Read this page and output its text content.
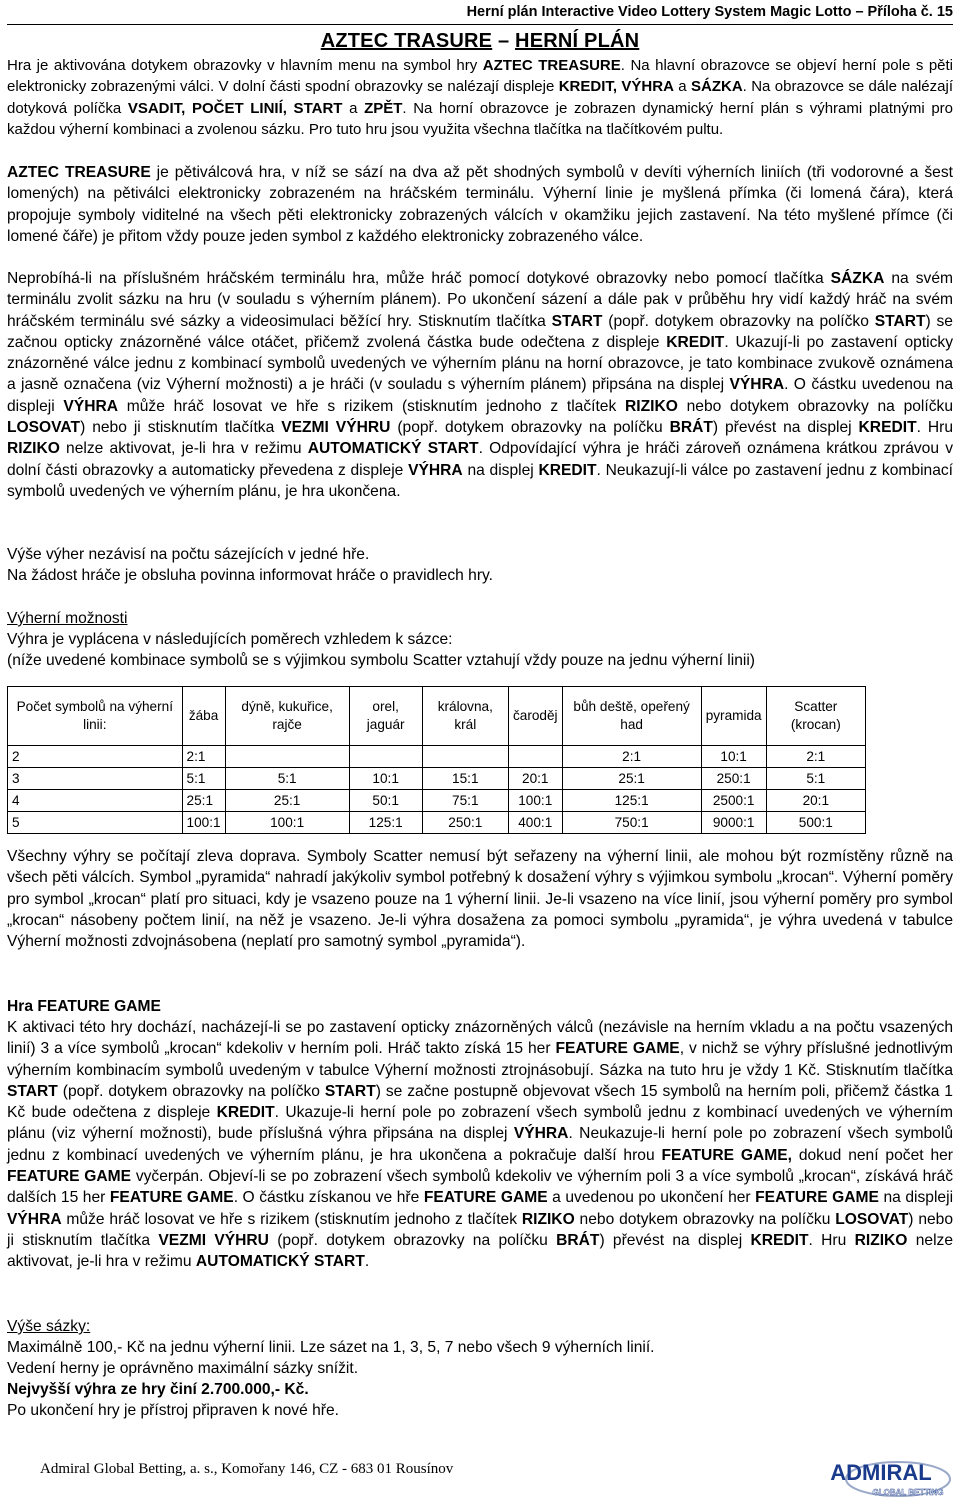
Herní plán Interactive Video Lottery System Magic Lotto – Příloha č. 15
AZTEC TRASURE – HERNÍ PLÁN
Hra je aktivována dotykem obrazovky v hlavním menu na symbol hry AZTEC TREASURE. Na hlavní obrazovce se objeví herní pole s pěti elektronicky zobrazenými válci. V dolní části spodní obrazovky se nalézají displeje KREDIT, VÝHRA a SÁZKA. Na obrazovce se dále nalézají dotyková políčka VSADIT, POČET LINIÍ, START a ZPĚT. Na horní obrazovce je zobrazen dynamický herní plán s výhrami platnými pro každou výherní kombinaci a zvolenou sázku. Pro tuto hru jsou využita všechna tlačítka na tlačítkovém pultu.
AZTEC TREASURE je pětiválcová hra, v níž se sází na dva až pět shodných symbolů v devíti výherních liniích (tři vodorovné a šest lomených) na pětiválci elektronicky zobrazeném na hráčském terminálu. Výherní linie je myšlená přímka (či lomená čára), která propojuje symboly viditelné na všech pěti elektronicky zobrazených válcích v okamžiku jejich zastavení. Na této myšlené přímce (či lomené čáře) je přitom vždy pouze jeden symbol z každého elektronicky zobrazeného válce.
Neprobíhá-li na příslušném hráčském terminálu hra, může hráč pomocí dotykové obrazovky nebo pomocí tlačítka SÁZKA na svém terminálu zvolit sázku na hru (v souladu s výherním plánem). Po ukončení sázení a dále pak v průběhu hry vidí každý hráč na svém hráčském terminálu své sázky a videosimulaci běžící hry. Stisknutím tlačítka START (popř. dotykem obrazovky na políčko START) se začnou opticky znázorněné válce otáčet, přičemž zvolená částka bude odečtena z displeje KREDIT. Ukazují-li po zastavení opticky znázorněné válce jednu z kombinací symbolů uvedených ve výherním plánu na horní obrazovce, je tato kombinace zvukově oznámena a jasně označena (viz Výherní možnosti) a je hráči (v souladu s výherním plánem) připsána na displej VÝHRA. O částku uvedenou na displeji VÝHRA může hráč losovat ve hře s rizikem (stisknutím jednoho z tlačítek RIZIKO nebo dotykem obrazovky na políčku LOSOVAT) nebo ji stisknutím tlačítka VEZMI VÝHRU (popř. dotykem obrazovky na políčku BRÁT) převést na displej KREDIT. Hru RIZIKO nelze aktivovat, je-li hra v režimu AUTOMATICKÝ START. Odpovídající výhra je hráči zároveň oznámena krátkou zprávou v dolní části obrazovky a automaticky převedena z displeje VÝHRA na displej KREDIT. Neukazují-li válce po zastavení jednu z kombinací symbolů uvedených ve výherním plánu, je hra ukončena.
Výše výher nezávisí na počtu sázejících v jedné hře.
Na žádost hráče je obsluha povinna informovat hráče o pravidlech hry.
Výherní možnosti
Výhra je vyplácena v následujících poměrech vzhledem k sázce:
(níže uvedené kombinace symbolů se s výjimkou symbolu Scatter vztahují vždy pouze na jednu výherní linii)
Počet symbolů na výherní linii:	žába	dýně, kukuřice, rajče	orel, jaguár	královna, král	čaroděj	bůh deště, opeřený had	pyramida	Scatter (krocan)
2	2:1					2:1	10:1	2:1
3	5:1	5:1	10:1	15:1	20:1	25:1	250:1	5:1
4	25:1	25:1	50:1	75:1	100:1	125:1	2500:1	20:1
5	100:1	100:1	125:1	250:1	400:1	750:1	9000:1	500:1
Všechny výhry se počítají zleva doprava. Symboly Scatter nemusí být seřazeny na výherní linii, ale mohou být rozmístěny různě na všech pěti válcích. Symbol „pyramida“ nahradí jakýkoliv symbol potřebný k dosažení výhry s výjimkou symbolu „krocan“. Výherní poměry pro symbol „krocan“ platí pro situaci, kdy je vsazeno pouze na 1 výherní linii. Je-li vsazeno na více linií, jsou výherní poměry pro symbol „krocan“ násobeny počtem linií, na něž je vsazeno. Je-li výhra dosažena za pomoci symbolu „pyramida“, je výhra uvedená v tabulce Výherní možnosti zdvojnásobena (neplatí pro samotný symbol „pyramida“).
Hra FEATURE GAME
K aktivaci této hry dochází, nacházejí-li se po zastavení opticky znázorněných válců (nezávisle na herním vkladu a na počtu vsazených linií) 3 a více symbolů „krocan“ kdekoliv v herním poli. Hráč takto získá 15 her FEATURE GAME, v nichž se výhry příslušné jednotlivým výherním kombinacím symbolů uvedeným v tabulce Výherní možnosti ztrojnásobují. Sázka na tuto hru je vždy 1 Kč. Stisknutím tlačítka START (popř. dotykem obrazovky na políčko START) se začne postupně objevovat všech 15 symbolů na herním poli, přičemž částka 1 Kč bude odečtena z displeje KREDIT. Ukazuje-li herní pole po zobrazení všech symbolů jednu z kombinací uvedených ve výherním plánu (viz výherní možnosti), bude příslušná výhra připsána na displej VÝHRA. Neukazuje-li herní pole po zobrazení všech symbolů jednu z kombinací uvedených ve výherním plánu, je hra ukončena a pokračuje další hrou FEATURE GAME, dokud není počet her FEATURE GAME vyčerpán. Objeví-li se po zobrazení všech symbolů kdekoliv ve výherním poli 3 a více symbolů „krocan“, získává hráč dalších 15 her FEATURE GAME. O částku získanou ve hře FEATURE GAME a uvedenou po ukončení her FEATURE GAME na displeji VÝHRA může hráč losovat ve hře s rizikem (stisknutím jednoho z tlačítek RIZIKO nebo dotykem obrazovky na políčku LOSOVAT) nebo ji stisknutím tlačítka VEZMI VÝHRU (popř. dotykem obrazovky na políčku BRÁT) převést na displej KREDIT. Hru RIZIKO nelze aktivovat, je-li hra v režimu AUTOMATICKÝ START.
Výše sázky:
Maximálně 100,- Kč na jednu výherní linii. Lze sázet na 1, 3, 5, 7 nebo všech 9 výherních linií.
Vedení herny je oprávněno maximální sázky snížit.
Nejvyšší výhra ze hry činí 2.700.000,- Kč.
Po ukončení hry je přístroj připraven k nové hře.
Admiral Global Betting, a. s., Komořany 146, CZ - 683 01 Rousínov	ADMIRAL
GLOBAL BETTING
